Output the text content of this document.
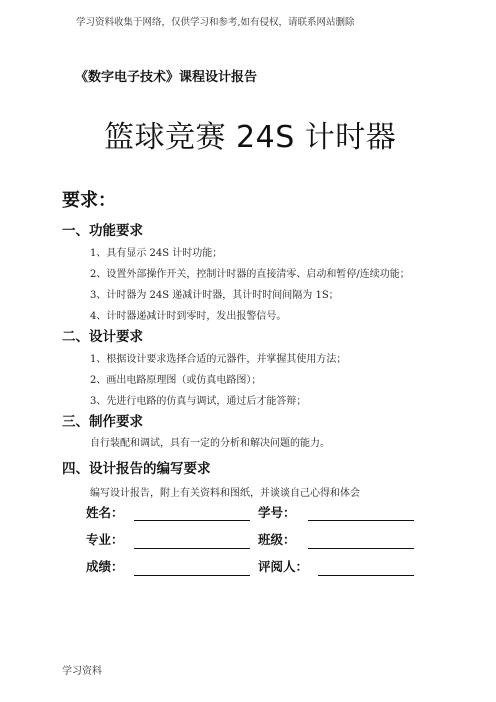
学习资料收集于网络，仅供学习和参考,如有侵权，请联系网站删除
《数字电子技术》课程设计报告
篮球竞赛 24S 计时器
要求：
一、功能要求
1、具有显示 24S 计时功能；
2、设置外部操作开关，控制计时器的直接清零、启动和暂停/连续功能；
3、计时器为 24S 递减计时器，其计时时间间隔为 1S；
4、计时器递减计时到零时，发出报警信号。
二、设计要求
1、根据设计要求选择合适的元器件，并掌握其使用方法；
2、画出电路原理图（或仿真电路图）；
3、先进行电路的仿真与调试，通过后才能答辩；
三、制作要求
自行装配和调试，具有一定的分析和解决问题的能力。
四、设计报告的编写要求
编写设计报告，附上有关资料和图纸，并谈谈自己心得和体会
姓名：	学号：
专业：	班级：
成绩：	评阅人：
学习资料
